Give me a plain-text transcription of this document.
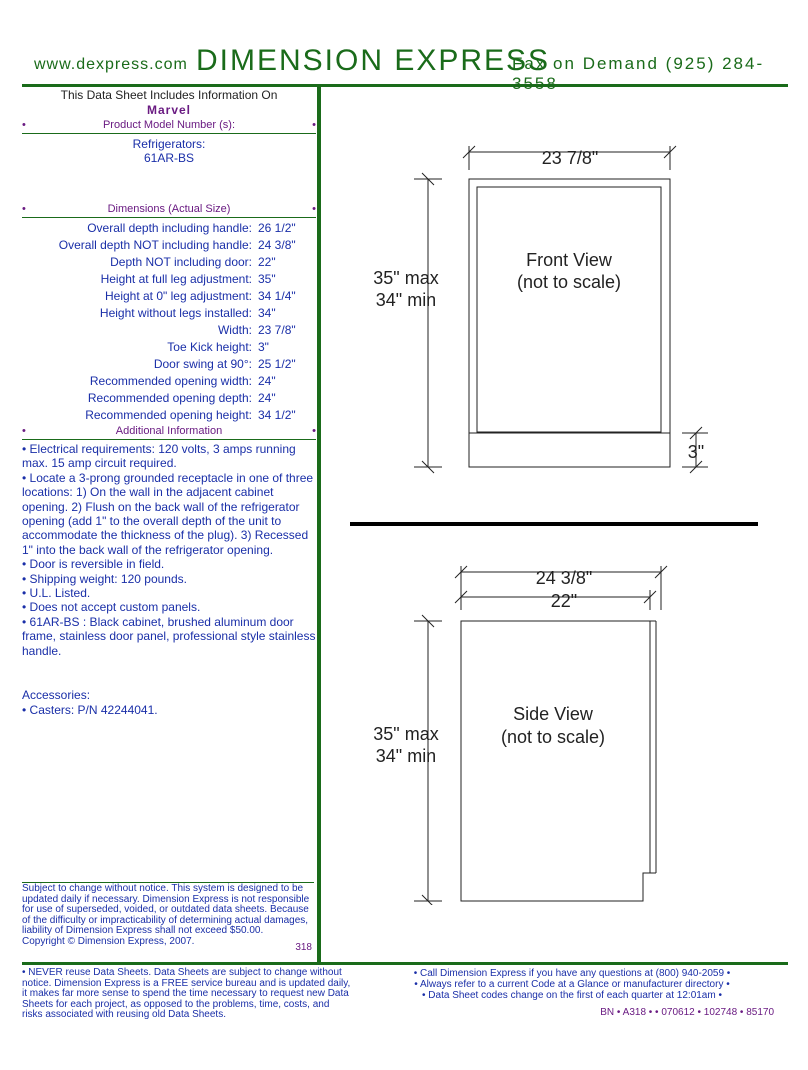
www.dexpress.com DIMENSION EXPRESS
Fax on Demand (925) 284-
This Data Sheet Includes Information On
Marvel
•	Product Model Number (s):	•
Refrigerators:
61AR-BS
•	Dimensions (Actual Size)	•
Overall depth including handle: 26 1/2"
Overall depth NOT including handle: 24 3/8"
Depth NOT including door: 22"
Height at full leg adjustment: 35"
Height at 0" leg adjustment: 34 1/4"
Height without legs installed: 34"
Width: 23 7/8"
Toe Kick height: 3"
Door swing at 90°: 25 1/2"
Recommended opening width: 24"
Recommended opening depth: 24"
Recommended opening height: 34 1/2"
•	Additional Information	•
• Electrical requirements: 120 volts, 3 amps running max. 15 amp circuit required.
• Locate a 3-prong grounded receptacle in one of three locations: 1) On the wall in the adjacent cabinet opening. 2) Flush on the back wall of the refrigerator opening (add 1" to the overall depth of the unit to accommodate the thickness of the plug). 3) Recessed 1" into the back wall of the refrigerator opening.
• Door is reversible in field.
• Shipping weight: 120 pounds.
• U.L. Listed.
• Does not accept custom panels.
• 61AR-BS : Black cabinet, brushed aluminum door frame, stainless door panel, professional style stainless handle.
Accessories:
• Casters: P/N 42244041.
Subject to change without notice. This system is designed to be updated daily if necessary. Dimension Express is not responsible for use of superseded, voided, or outdated data sheets. Because of the difficulty or impracticability of determining actual damages, liability of Dimension Express shall not exceed $50.00.
Copyright © Dimension Express, 2007.
318
• NEVER reuse Data Sheets. Data Sheets are subject to change without notice. Dimension Express is a FREE service bureau and is updated daily, it makes far more sense to spend the time necessary to request new Data Sheets for each project, as opposed to the problems, time, costs, and risks associated with reusing old Data Sheets.
• Call Dimension Express if you have any questions at (800) 940-2059 •
• Always refer to a current Code at a Glance or manufacturer directory •
• Data Sheet codes change on the first of each quarter at 12:01am •
BN • A318 • • 070612 • 102748 • 85170
23 7/8"
Front View
(not to scale)
35" max
34" min
3"
24 3/8"
22"
Side View
(not to scale)
35" max
34" min
